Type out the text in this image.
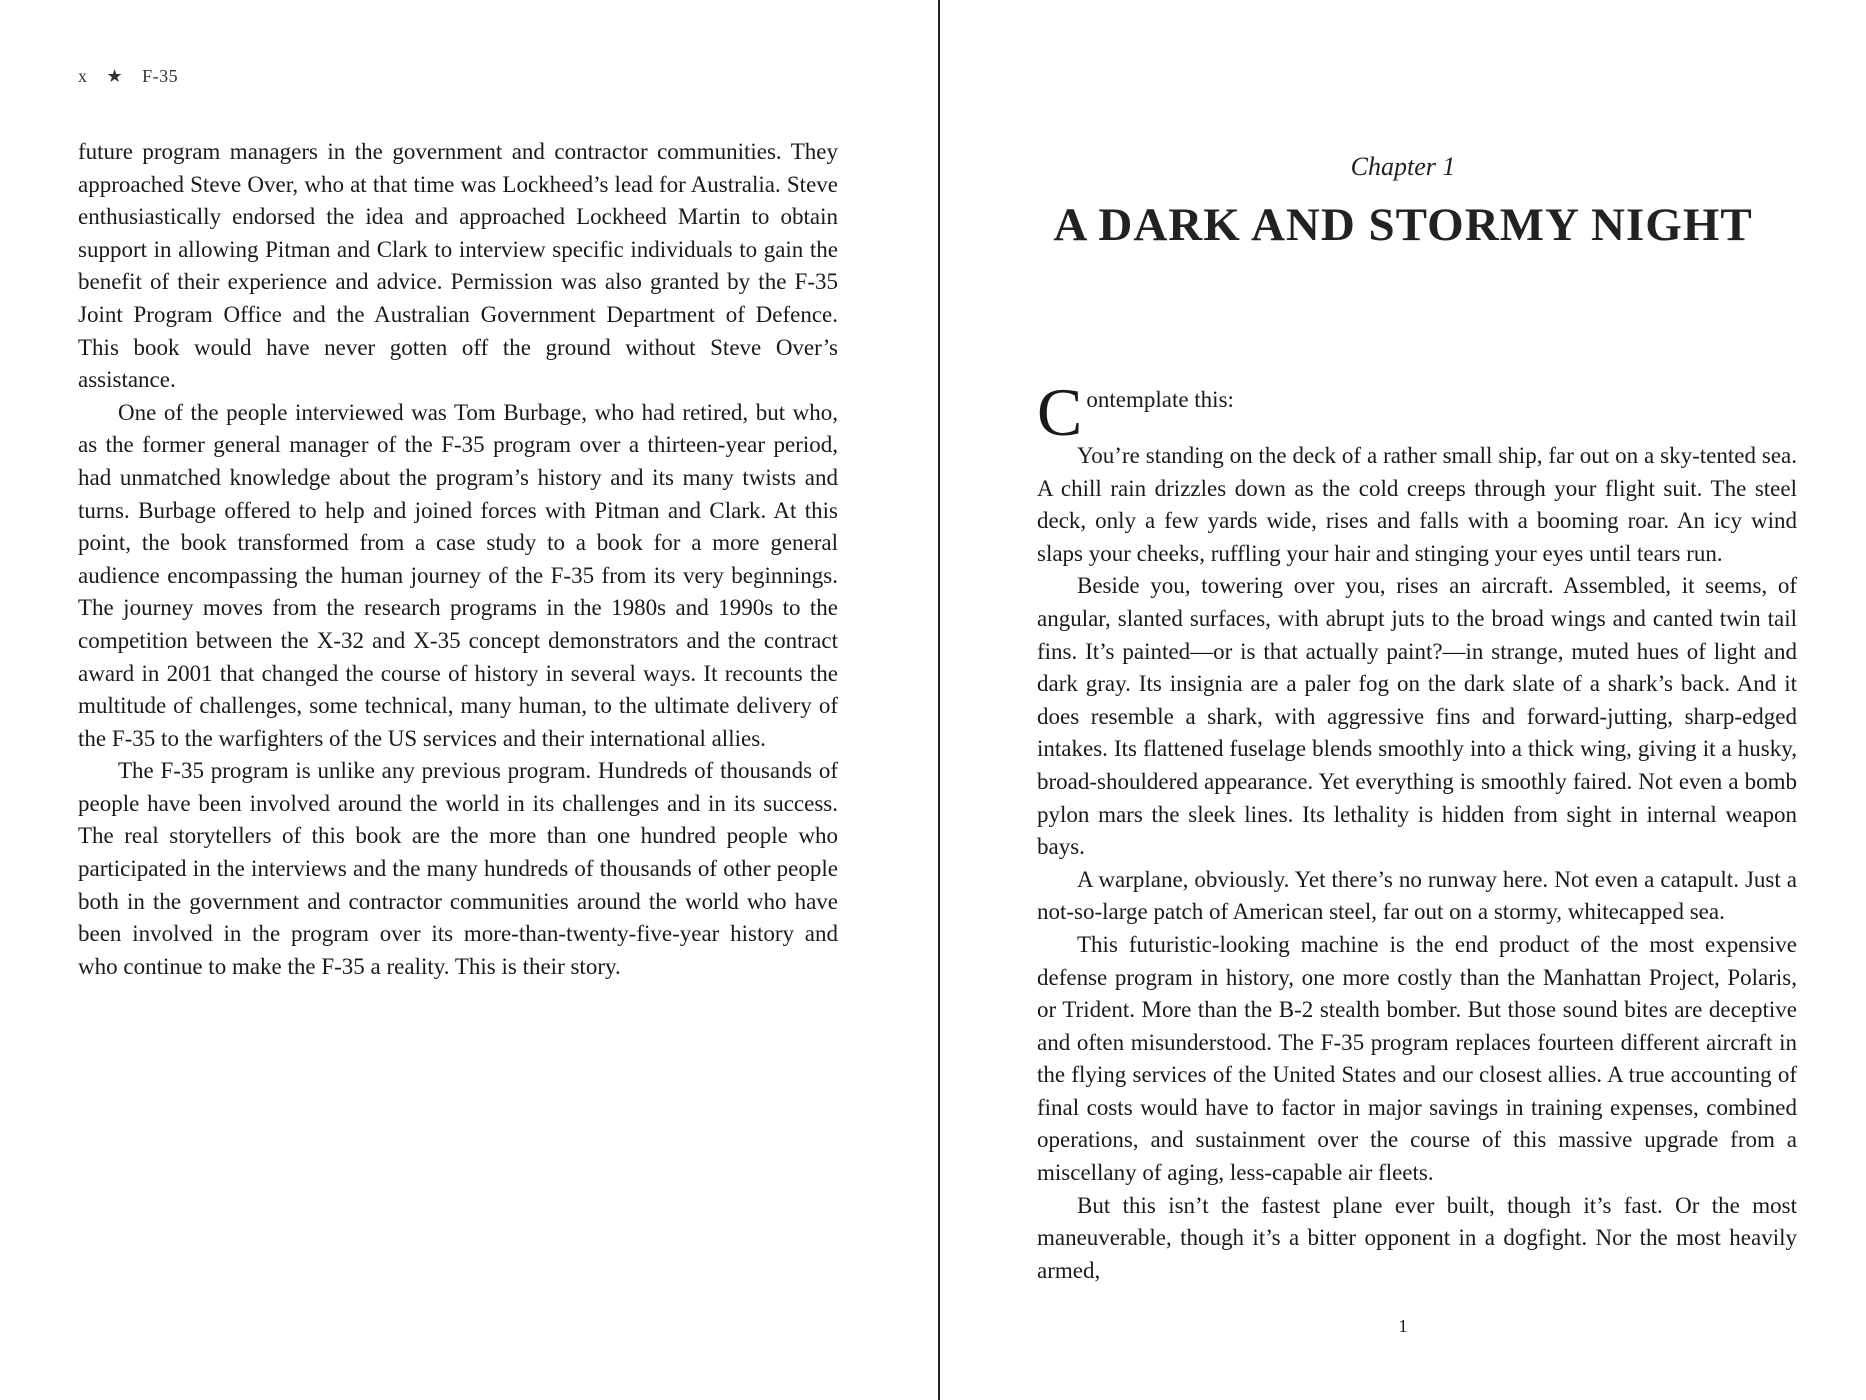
x ★ F-35

future program managers in the government and contractor communities. They approached Steve Over, who at that time was Lockheed’s lead for Australia. Steve enthusiastically endorsed the idea and approached Lockheed Martin to obtain support in allowing Pitman and Clark to interview specific individuals to gain the benefit of their experience and advice. Permission was also granted by the F-35 Joint Program Office and the Australian Government Department of Defence. This book would have never gotten off the ground without Steve Over’s assistance.

One of the people interviewed was Tom Burbage, who had retired, but who, as the former general manager of the F-35 program over a thirteen-year period, had unmatched knowledge about the program’s history and its many twists and turns. Burbage offered to help and joined forces with Pitman and Clark. At this point, the book transformed from a case study to a book for a more general audience encompassing the human journey of the F-35 from its very beginnings. The journey moves from the research programs in the 1980s and 1990s to the competition between the X-32 and X-35 concept demonstrators and the contract award in 2001 that changed the course of history in several ways. It recounts the multitude of challenges, some technical, many human, to the ultimate delivery of the F-35 to the warfighters of the US services and their international allies.

The F-35 program is unlike any previous program. Hundreds of thousands of people have been involved around the world in its challenges and in its success. The real storytellers of this book are the more than one hundred people who participated in the interviews and the many hundreds of thousands of other people both in the government and contractor communities around the world who have been involved in the program over its more-than-twenty-five-year history and who continue to make the F-35 a reality. This is their story.

Chapter 1
A DARK AND STORMY NIGHT
C ontemplate this:

You’re standing on the deck of a rather small ship, far out on a sky-tented sea. A chill rain drizzles down as the cold creeps through your flight suit. The steel deck, only a few yards wide, rises and falls with a booming roar. An icy wind slaps your cheeks, ruffling your hair and stinging your eyes until tears run.

Beside you, towering over you, rises an aircraft. Assembled, it seems, of angular, slanted surfaces, with abrupt juts to the broad wings and canted twin tail fins. It’s painted—or is that actually paint?—in strange, muted hues of light and dark gray. Its insignia are a paler fog on the dark slate of a shark’s back. And it does resemble a shark, with aggressive fins and forward-jutting, sharp-edged intakes. Its flattened fuselage blends smoothly into a thick wing, giving it a husky, broad-shouldered appearance. Yet everything is smoothly faired. Not even a bomb pylon mars the sleek lines. Its lethality is hidden from sight in internal weapon bays.

A warplane, obviously. Yet there’s no runway here. Not even a catapult. Just a not-so-large patch of American steel, far out on a stormy, whitecapped sea.

This futuristic-looking machine is the end product of the most expensive defense program in history, one more costly than the Manhattan Project, Polaris, or Trident. More than the B-2 stealth bomber. But those sound bites are deceptive and often misunderstood. The F-35 program replaces fourteen different aircraft in the flying services of the United States and our closest allies. A true accounting of final costs would have to factor in major savings in training expenses, combined operations, and sustainment over the course of this massive upgrade from a miscellany of aging, less-capable air fleets.

But this isn’t the fastest plane ever built, though it’s fast. Or the most maneuverable, though it’s a bitter opponent in a dogfight. Nor the most heavily armed,

1
